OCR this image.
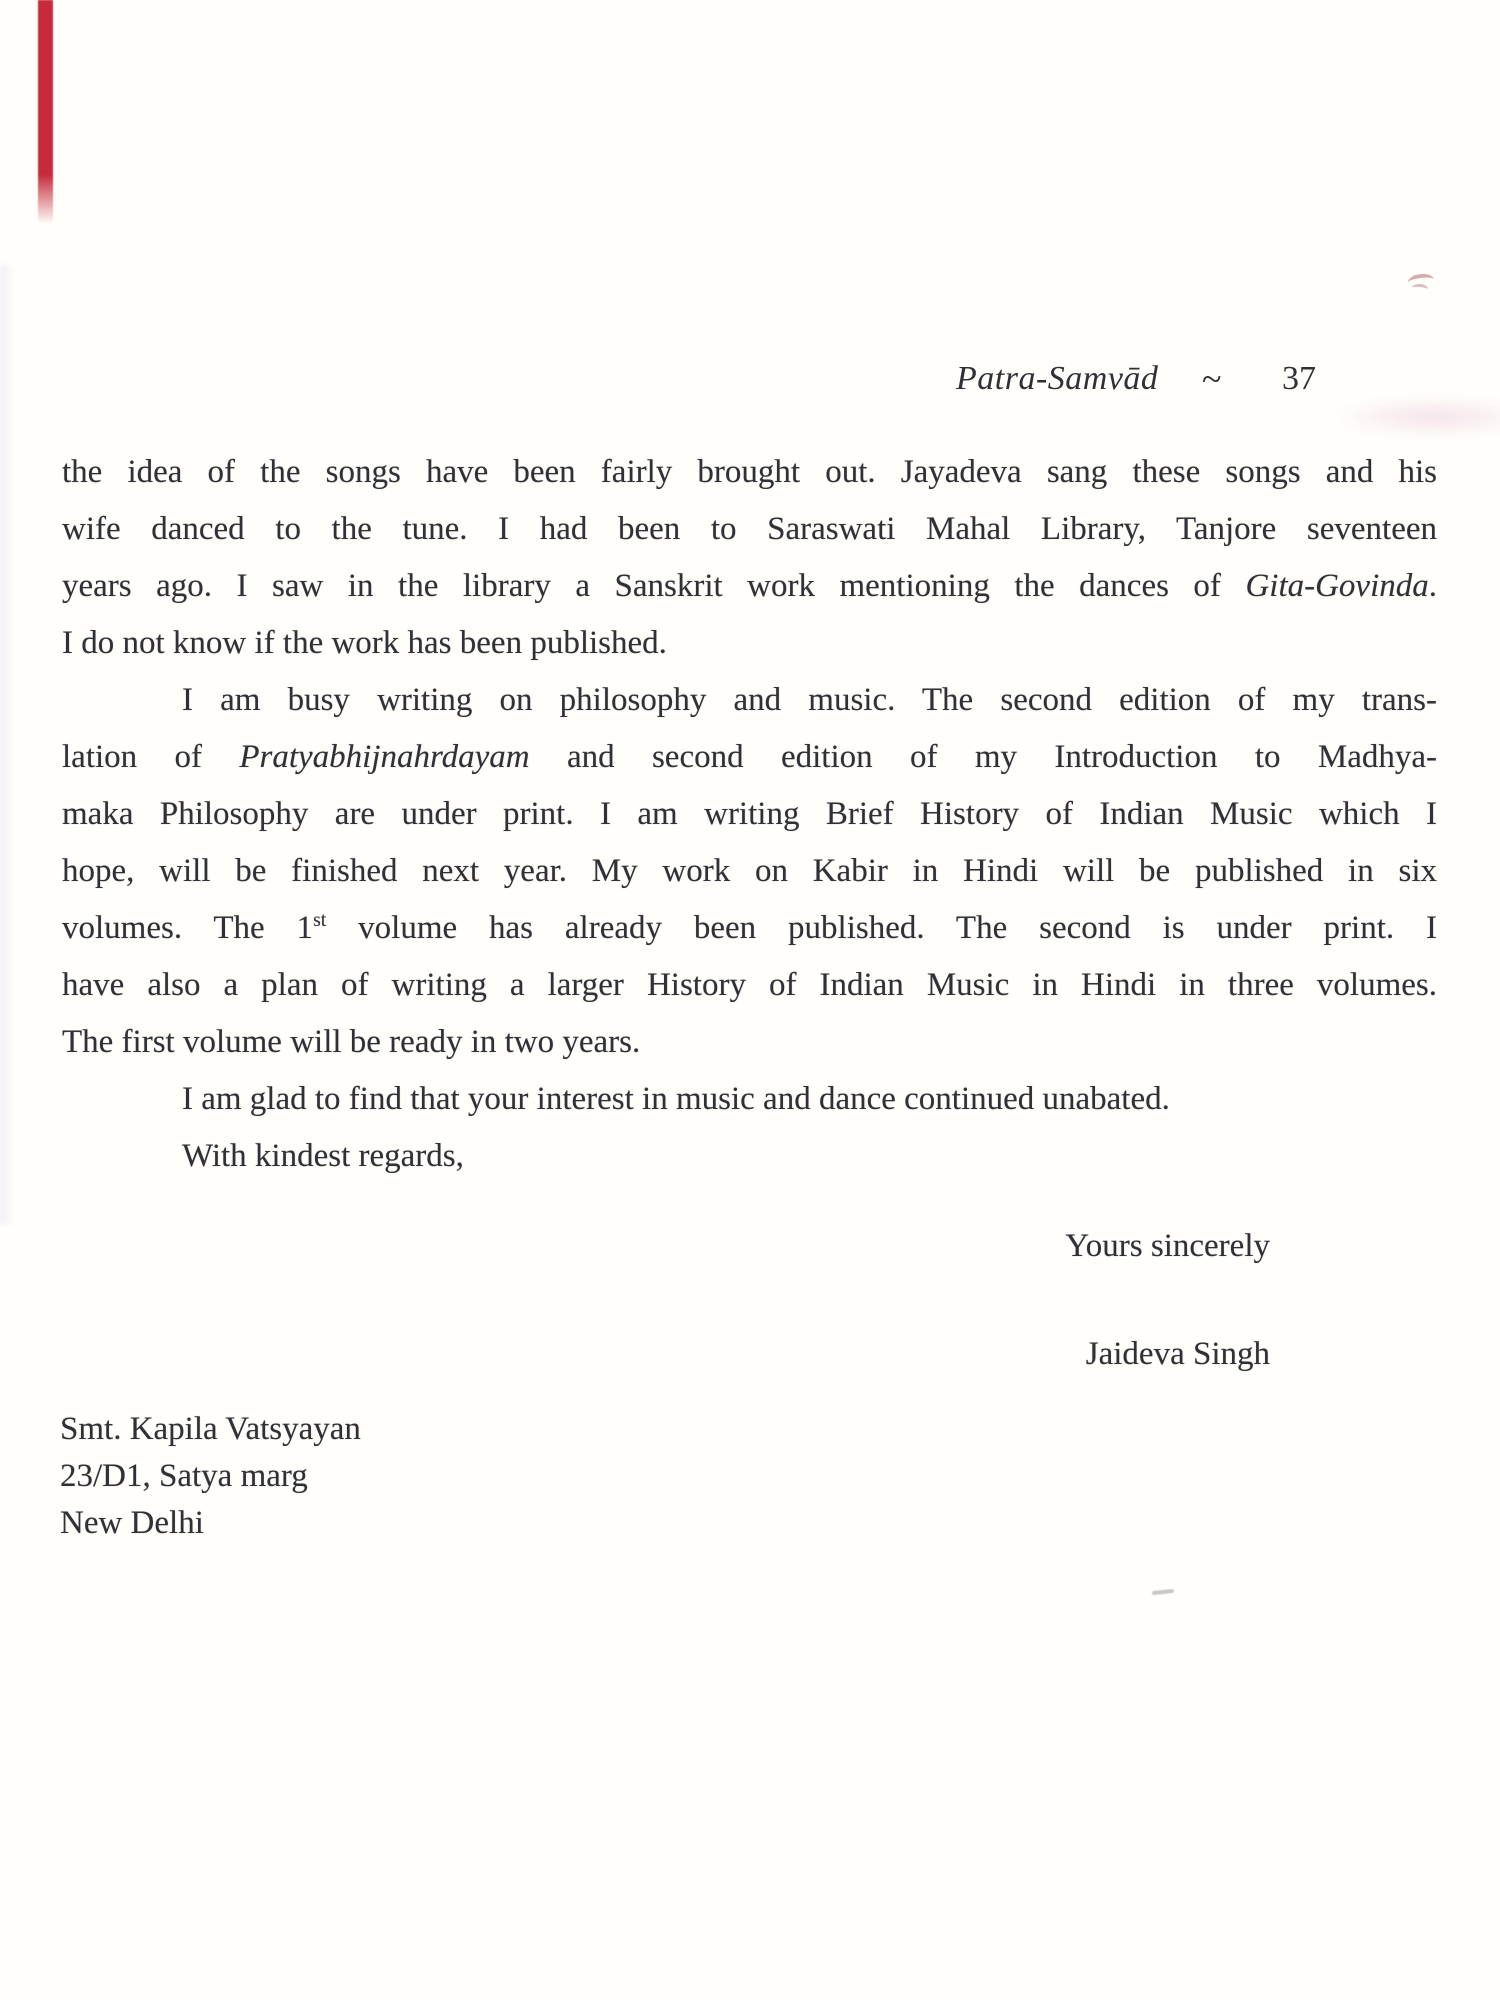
Patra-Samvād ~ 37
the idea of the songs have been fairly brought out. Jayadeva sang these songs and his
wife danced to the tune. I had been to Saraswati Mahal Library, Tanjore seventeen
years ago. I saw in the library a Sanskrit work mentioning the dances of Gita-Govinda.
I do not know if the work has been published.
I am busy writing on philosophy and music. The second edition of my trans-
lation of Pratyabhijnahrdayam and second edition of my Introduction to Madhya-
maka Philosophy are under print. I am writing Brief History of Indian Music which I
hope, will be finished next year. My work on Kabir in Hindi will be published in six
volumes. The 1st volume has already been published. The second is under print. I
have also a plan of writing a larger History of Indian Music in Hindi in three volumes.
The first volume will be ready in two years.
I am glad to find that your interest in music and dance continued unabated.
With kindest regards,
Yours sincerely
Jaideva Singh
Smt. Kapila Vatsyayan
23/D1, Satya marg
New Delhi
